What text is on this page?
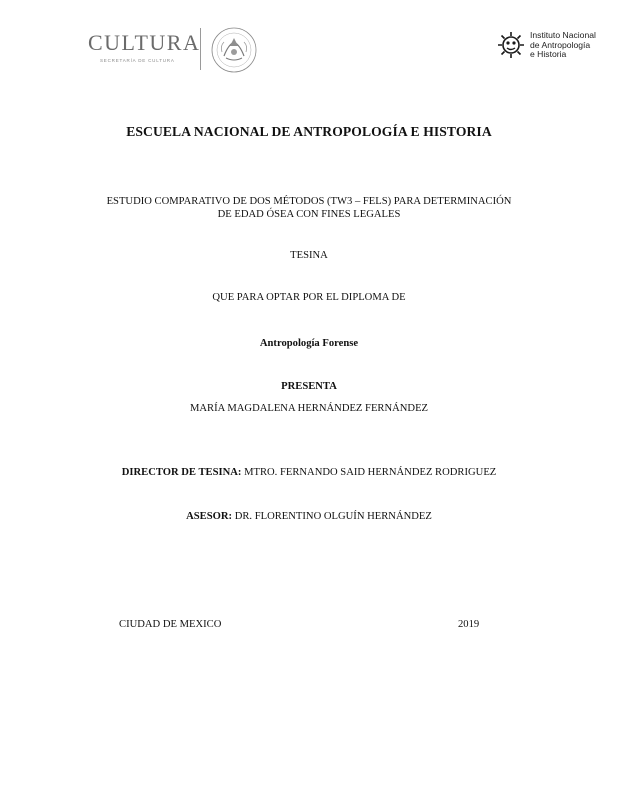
CULTURA
SECRETARÍA DE CULTURA
Instituto Nacional
de Antropología
e Historia
ESCUELA NACIONAL DE ANTROPOLOGÍA E HISTORIA
ESTUDIO COMPARATIVO DE DOS MÉTODOS (TW3 – FELS) PARA DETERMINACIÓN
DE EDAD ÓSEA CON FINES LEGALES
TESINA
QUE PARA OPTAR POR EL DIPLOMA DE
Antropología Forense
PRESENTA
MARÍA MAGDALENA HERNÁNDEZ FERNÁNDEZ
DIRECTOR DE TESINA: MTRO. FERNANDO SAID HERNÁNDEZ RODRIGUEZ
ASESOR: DR. FLORENTINO OLGUÍN HERNÁNDEZ
CIUDAD DE MEXICO	2019
